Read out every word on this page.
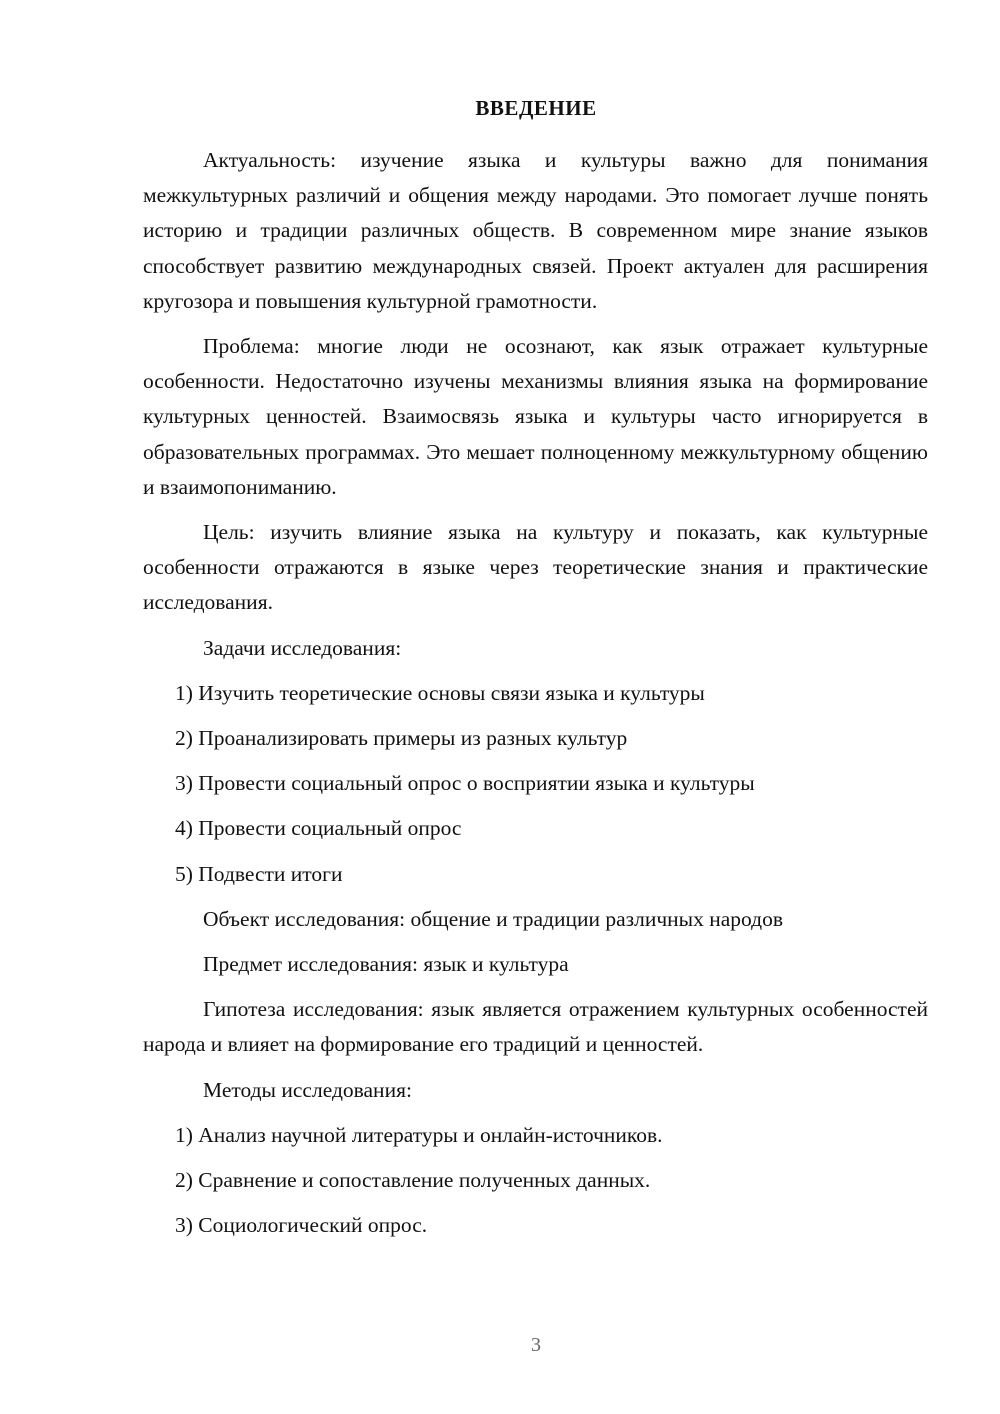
ВВЕДЕНИЕ

Актуальность: изучение языка и культуры важно для понимания межкультурных различий и общения между народами. Это помогает лучше понять историю и традиции различных обществ. В современном мире знание языков способствует развитию международных связей. Проект актуален для расширения кругозора и повышения культурной грамотности.

Проблема: многие люди не осознают, как язык отражает культурные особенности. Недостаточно изучены механизмы влияния языка на формирование культурных ценностей. Взаимосвязь языка и культуры часто игнорируется в образовательных программах. Это мешает полноценному межкультурному общению и взаимопониманию.

Цель: изучить влияние языка на культуру и показать, как культурные особенности отражаются в языке через теоретические знания и практические исследования.

Задачи исследования:

1) Изучить теоретические основы связи языка и культуры

2) Проанализировать примеры из разных культур

3) Провести социальный опрос о восприятии языка и культуры

4) Провести социальный опрос

5) Подвести итоги

Объект исследования: общение и традиции различных народов

Предмет исследования: язык и культура

Гипотеза исследования: язык является отражением культурных особенностей народа и влияет на формирование его традиций и ценностей.

Методы исследования:

1) Анализ научной литературы и онлайн-источников.

2) Сравнение и сопоставление полученных данных.

3) Социологический опрос.

3
